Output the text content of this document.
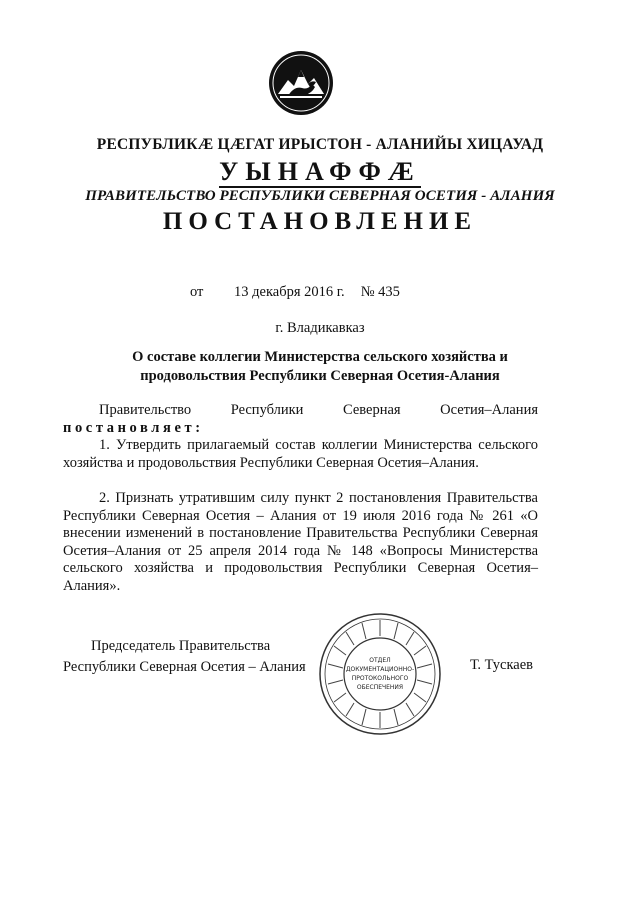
РЕСПУБЛИКÆ ЦÆГАТ ИРЫСТОН - АЛАНИЙЫ ХИЦАУАД
УЫНАФФÆ
ПРАВИТЕЛЬСТВО РЕСПУБЛИКИ СЕВЕРНАЯ ОСЕТИЯ - АЛАНИЯ
ПОСТАНОВЛЕНИЕ
от 13 декабря 2016 г. № 435
г. Владикавказ
О составе коллегии Министерства сельского хозяйства и продовольствия Республики Северная Осетия-Алания
Правительство Республики Северная Осетия–Алания
постановляет:
1. Утвердить прилагаемый состав коллегии Министерства сельского хозяйства и продовольствия Республики Северная Осетия–Алания.
2. Признать утратившим силу пункт 2 постановления Правительства Республики Северная Осетия – Алания от 19 июля 2016 года № 261 «О внесении изменений в постановление Правительства Республики Северная Осетия–Алания от 25 апреля 2014 года № 148 «Вопросы Министерства сельского хозяйства и продовольствия Республики Северная Осетия–Алания».
Председатель Правительства
Республики Северная Осетия – Алания	ОТДЕЛ
ДОКУМЕНТАЦИОННО-
ПРОТОКОЛЬНОГО
ОБЕСПЕЧЕНИЯ
Т. Тускаев
